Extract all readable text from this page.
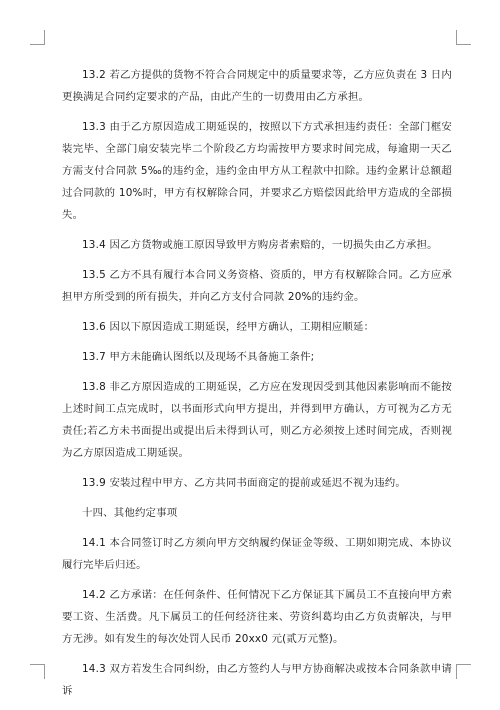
13.2 若乙方提供的货物不符合合同规定中的质量要求等，乙方应负责在 3 日内更换满足合同约定要求的产品，由此产生的一切费用由乙方承担。

13.3 由于乙方原因造成工期延误的，按照以下方式承担违约责任：全部门框安装完毕、全部门扇安装完毕二个阶段乙方均需按甲方要求时间完成，每逾期一天乙方需支付合同款 5‰的违约金，违约金由甲方从工程款中扣除。违约金累计总额超过合同款的 10%时，甲方有权解除合同，并要求乙方赔偿因此给甲方造成的全部损失。

13.4 因乙方货物或施工原因导致甲方购房者索赔的，一切损失由乙方承担。

13.5 乙方不具有履行本合同义务资格、资质的，甲方有权解除合同。乙方应承担甲方所受到的所有损失，并向乙方支付合同款 20%的违约金。

13.6 因以下原因造成工期延误，经甲方确认，工期相应顺延：

13.7 甲方未能确认图纸以及现场不具备施工条件;

13.8 非乙方原因造成的工期延误，乙方应在发现因受到其他因素影响而不能按上述时间工点完成时，以书面形式向甲方提出，并得到甲方确认，方可视为乙方无责任;若乙方未书面提出或提出后未得到认可，则乙方必须按上述时间完成，否则视为乙方原因造成工期延误。

13.9 安装过程中甲方、乙方共同书面商定的提前或延迟不视为违约。

十四、其他约定事项

14.1 本合同签订时乙方须向甲方交纳履约保证金等级、工期如期完成、本协议履行完毕后归还。

14.2 乙方承诺：在任何条件、任何情况下乙方保证其下属员工不直接向甲方索要工资、生活费。凡下属员工的任何经济往来、劳资纠葛均由乙方负责解决，与甲方无涉。如有发生的每次处罚人民币 20xx0 元(贰万元整)。

14.3 双方若发生合同纠纷，由乙方签约人与甲方协商解决或按本合同条款申请诉
